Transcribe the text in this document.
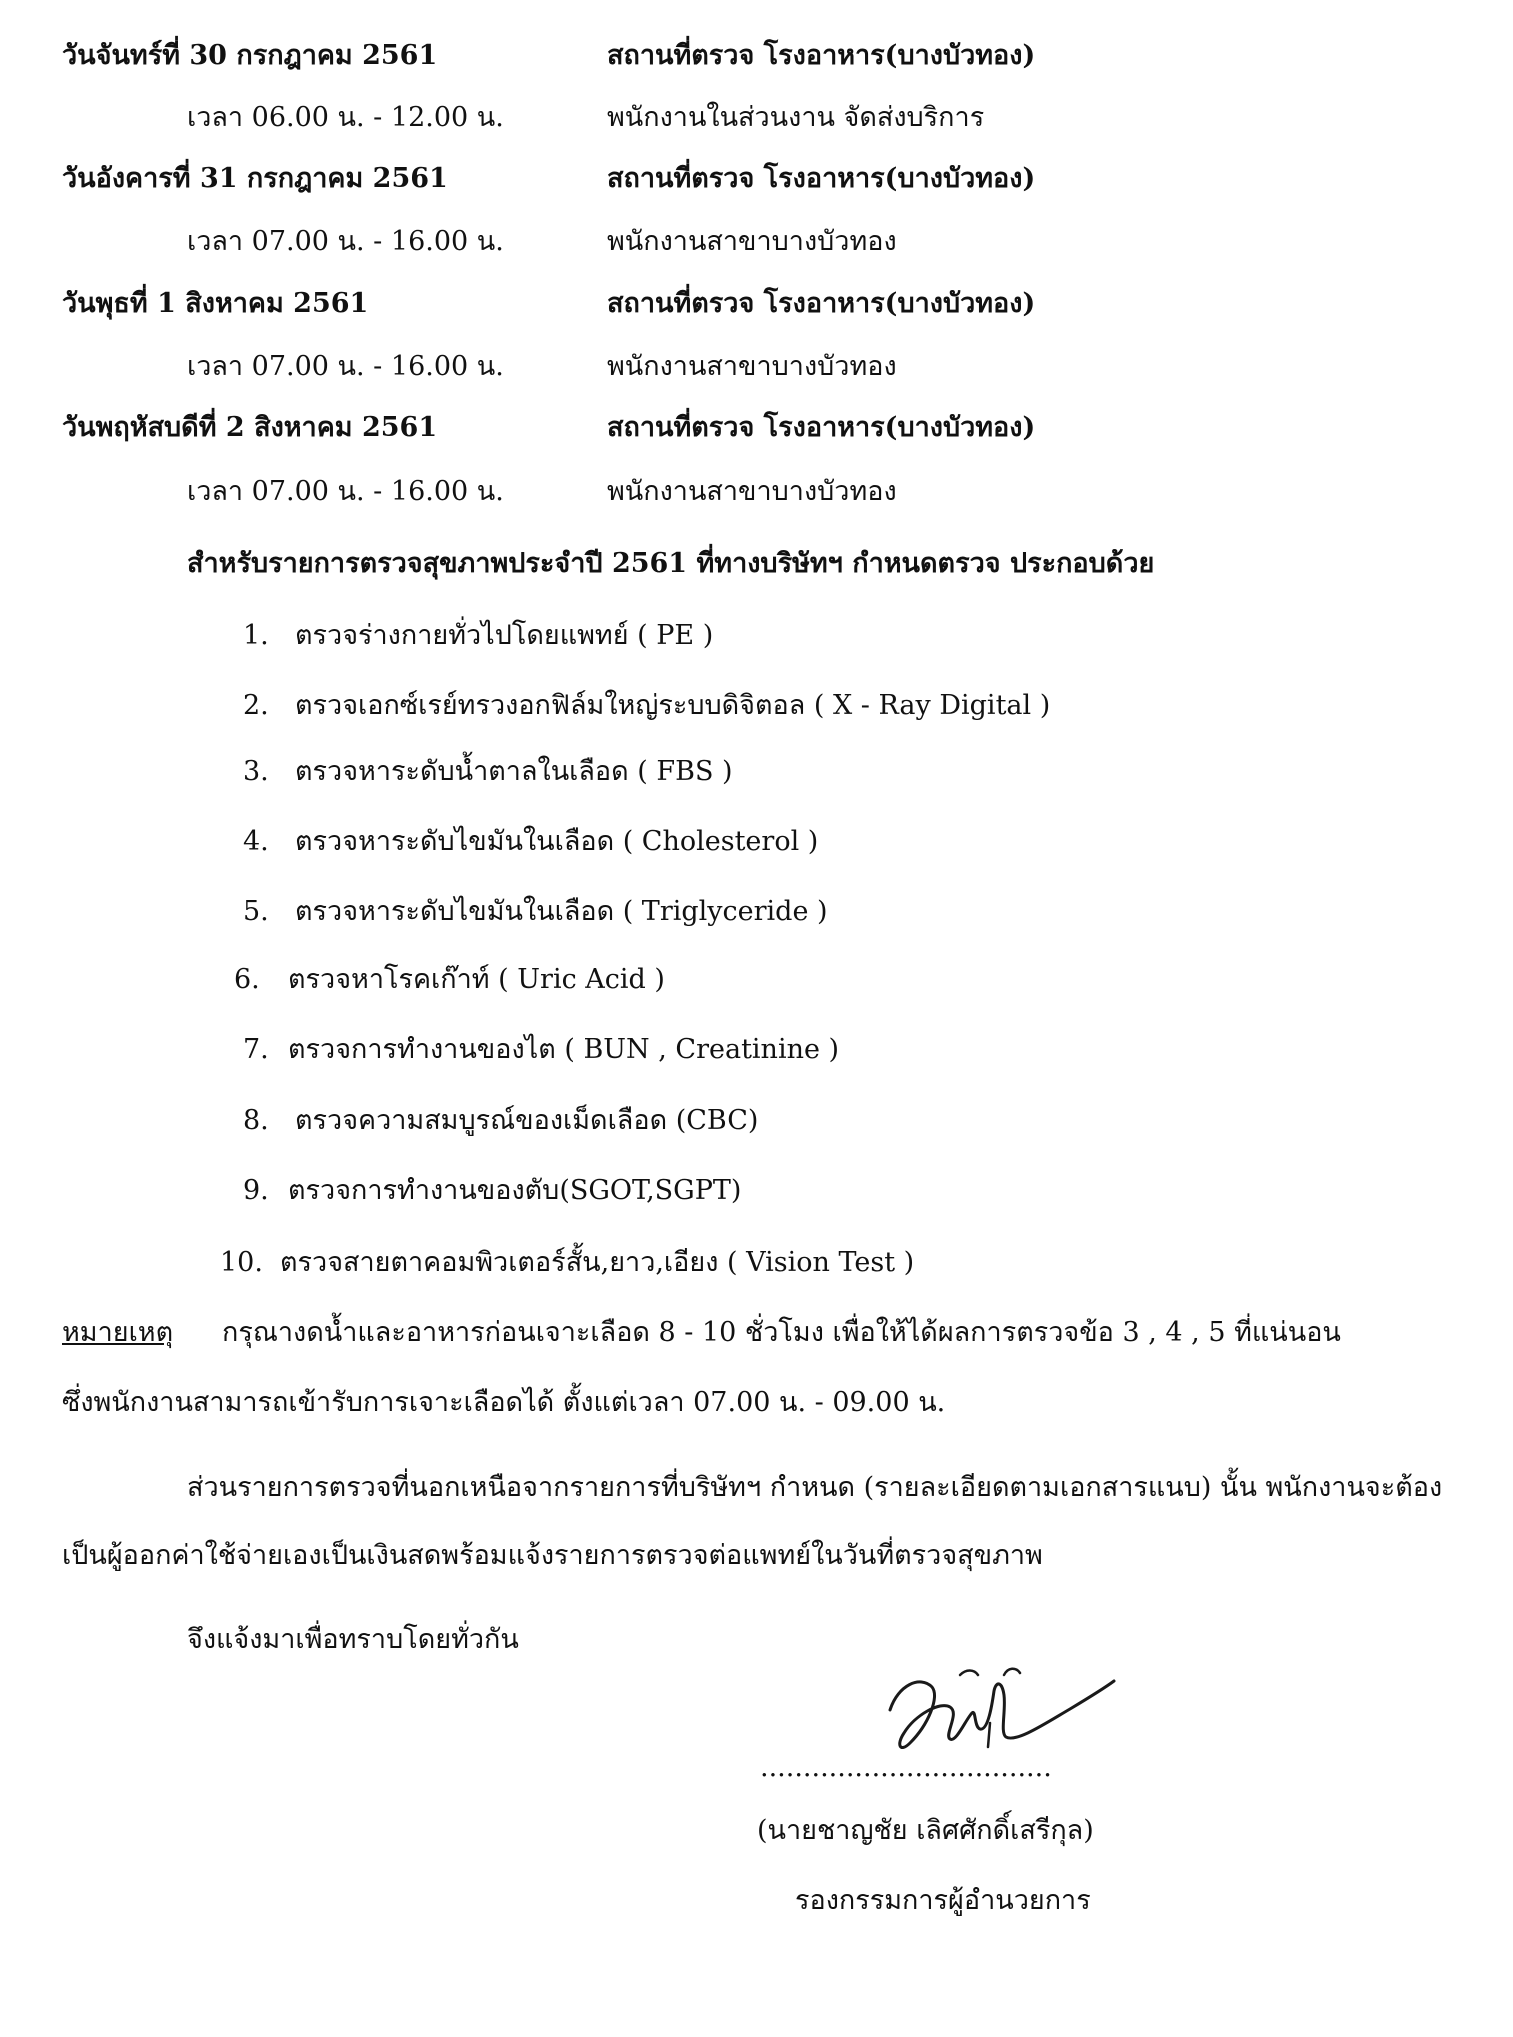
วันจันทร์ที่ 30 กรกฎาคม 2561	สถานที่ตรวจ โรงอาหาร(บางบัวทอง)
เวลา 06.00 น. - 12.00 น.	พนักงานในส่วนงาน จัดส่งบริการ
วันอังคารที่ 31 กรกฎาคม 2561	สถานที่ตรวจ โรงอาหาร(บางบัวทอง)
เวลา 07.00 น. - 16.00 น.	พนักงานสาขาบางบัวทอง
วันพุธที่ 1 สิงหาคม 2561	สถานที่ตรวจ โรงอาหาร(บางบัวทอง)
เวลา 07.00 น. - 16.00 น.	พนักงานสาขาบางบัวทอง
วันพฤหัสบดีที่ 2 สิงหาคม 2561	สถานที่ตรวจ โรงอาหาร(บางบัวทอง)
เวลา 07.00 น. - 16.00 น.	พนักงานสาขาบางบัวทอง
สำหรับรายการตรวจสุขภาพประจำปี 2561 ที่ทางบริษัทฯ กำหนดตรวจ ประกอบด้วย
1. ตรวจร่างกายทั่วไปโดยแพทย์ ( PE )
2. ตรวจเอกซ์เรย์ทรวงอกฟิล์มใหญ่ระบบดิจิตอล ( X - Ray Digital )
3. ตรวจหาระดับน้ำตาลในเลือด ( FBS )
4. ตรวจหาระดับไขมันในเลือด ( Cholesterol )
5. ตรวจหาระดับไขมันในเลือด ( Triglyceride )
6. ตรวจหาโรคเก๊าท์ ( Uric Acid )
7. ตรวจการทำงานของไต ( BUN , Creatinine )
8. ตรวจความสมบูรณ์ของเม็ดเลือด (CBC)
9. ตรวจการทำงานของตับ(SGOT,SGPT)
10. ตรวจสายตาคอมพิวเตอร์สั้น,ยาว,เอียง ( Vision Test )
หมายเหตุ กรุณางดน้ำและอาหารก่อนเจาะเลือด 8 - 10 ชั่วโมง เพื่อให้ได้ผลการตรวจข้อ 3 , 4 , 5 ที่แน่นอน
ซึ่งพนักงานสามารถเข้ารับการเจาะเลือดได้ ตั้งแต่เวลา 07.00 น. - 09.00 น.
ส่วนรายการตรวจที่นอกเหนือจากรายการที่บริษัทฯ กำหนด (รายละเอียดตามเอกสารแนบ) นั้น พนักงานจะต้อง
เป็นผู้ออกค่าใช้จ่ายเองเป็นเงินสดพร้อมแจ้งรายการตรวจต่อแพทย์ในวันที่ตรวจสุขภาพ
จึงแจ้งมาเพื่อทราบโดยทั่วกัน
..................................
(นายชาญชัย เลิศศักดิ์เสรีกุล)
รองกรรมการผู้อำนวยการ
